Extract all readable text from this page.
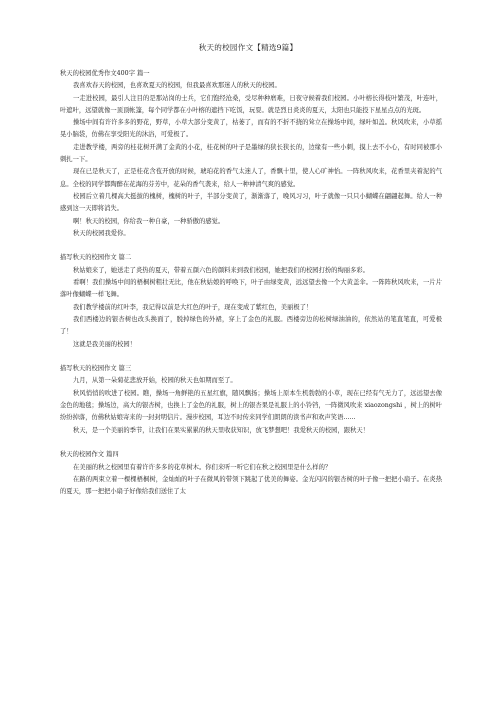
秋天的校园作文【精选9篇】

秋天的校园优秀作文400字 篇一

我喜欢春天的校园，也喜欢夏天的校园，但我最喜欢那迷人的秋天的校园。

一走进校园，最引人注目的是那站岗的士兵，它们饱经沧桑，受尽种种磨难，日夜守候着我们校园。小叶榕长得枝叶繁茂，叶连叶，叶遮叶，远望就像一顶顶帐篷，每个同学都在小叶榕的遮挡下吃饭，玩耍。就是烈日炎炎的夏天，太阳也只能投下星星点点的光斑。

操场中间有许许多多的野花，野草，小草大部分变黄了，枯萎了，而有的不折不挠的耸立在操场中间，绿叶如盖。秋风吹来，小草摇晃小脑袋，仿佛在享受阳光的沐浴，可爱极了。

走进教学楼，两旁的桂花树开满了金黄的小花，桂花树的叶子是墨绿的狭长狭长的，边缘有一些小刺，摸上去不小心，有时同被那小刺扎一下。

现在已是秋天了，正是桂花含苞开放的时候，琥珀花的香气太迷人了，香飘十里，使人心旷神怡。一阵秋风吹来，花香里夹着泥的气息。全校的同学都陶醉在花海的芬芳中，花朵的香气袭来，给人一种神清气爽的感觉。

校园后立着几棵高大挺拔的槐树，槐树的叶子，半部分变黄了，渐渐落了，晚风习习，叶子就像一只只小蝴蝶在翩翩起舞。给人一种感到这一天即将消失。

啊！秋天的校园，你给我一种自豪，一种骄傲的感觉。

秋天的校园我爱你。

描写秋天的校园作文 篇二

秋姑娘来了，她送走了炎热的夏天，带着五颜六色的颜料来到我们校园，她把我们的校园打扮的绚丽多彩。

看啊！我们操场中间的梧桐树粗壮无比，他在秋姑娘的呼唤下，叶子由绿变黄，远远望去像一个大黄盖伞。一阵阵秋风吹来，一片片落叶像蝴蝶一样飞舞。

我们教学楼前的红叶李，我记得以前是大红色的叶子，现在变成了紫红色，美丽极了！

我们西楼边的银杏树也改头换面了，脱掉绿色的外裙，穿上了金色的礼服。西楼旁边的松树绿油油的，依然站的笔直笔直，可爱极了！

这就是我美丽的校园！

描写秋天的校园作文 篇三

九月，从第一朵菊花悲放开始，校园的秋天也如期而至了。

秋风悄悄的吹进了校园。瞧，操场一角鲜艳的五星红旗，随风飘扬；操场上原本生机勃勃的小草，现在已经有气无力了，远远望去像金色的地毯；操场边，高大的银杏树，也换上了金色的礼服，树上的银杏果是礼服上的小铃铛，一阵微风吹来 xiaozongshi ，树上的树叶纷纷掉落，仿佛秋姑娘寄来的一封封明信片。漫步校园，耳边不时传来同学们朗朗的读书声和欢声笑语......

秋天，是一个美丽的季节，让我们在果实累累的秋天里收获知识，放飞梦想吧！我爱秋天的校园，跟秋天！

秋天的校园作文 篇四

在美丽的秋之校园里有着许许多多的花草树木。你们来听一听它们在秋之校园里是什么样的？

在路的两束立着一棵棵梧桐树，金灿灿的叶子在微风的带领下跳起了优美的舞姿。金光闪闪的银杏树的叶子像一把把小扇子。在炎热的夏天，那一把把小扇子好像给我们送住了太
